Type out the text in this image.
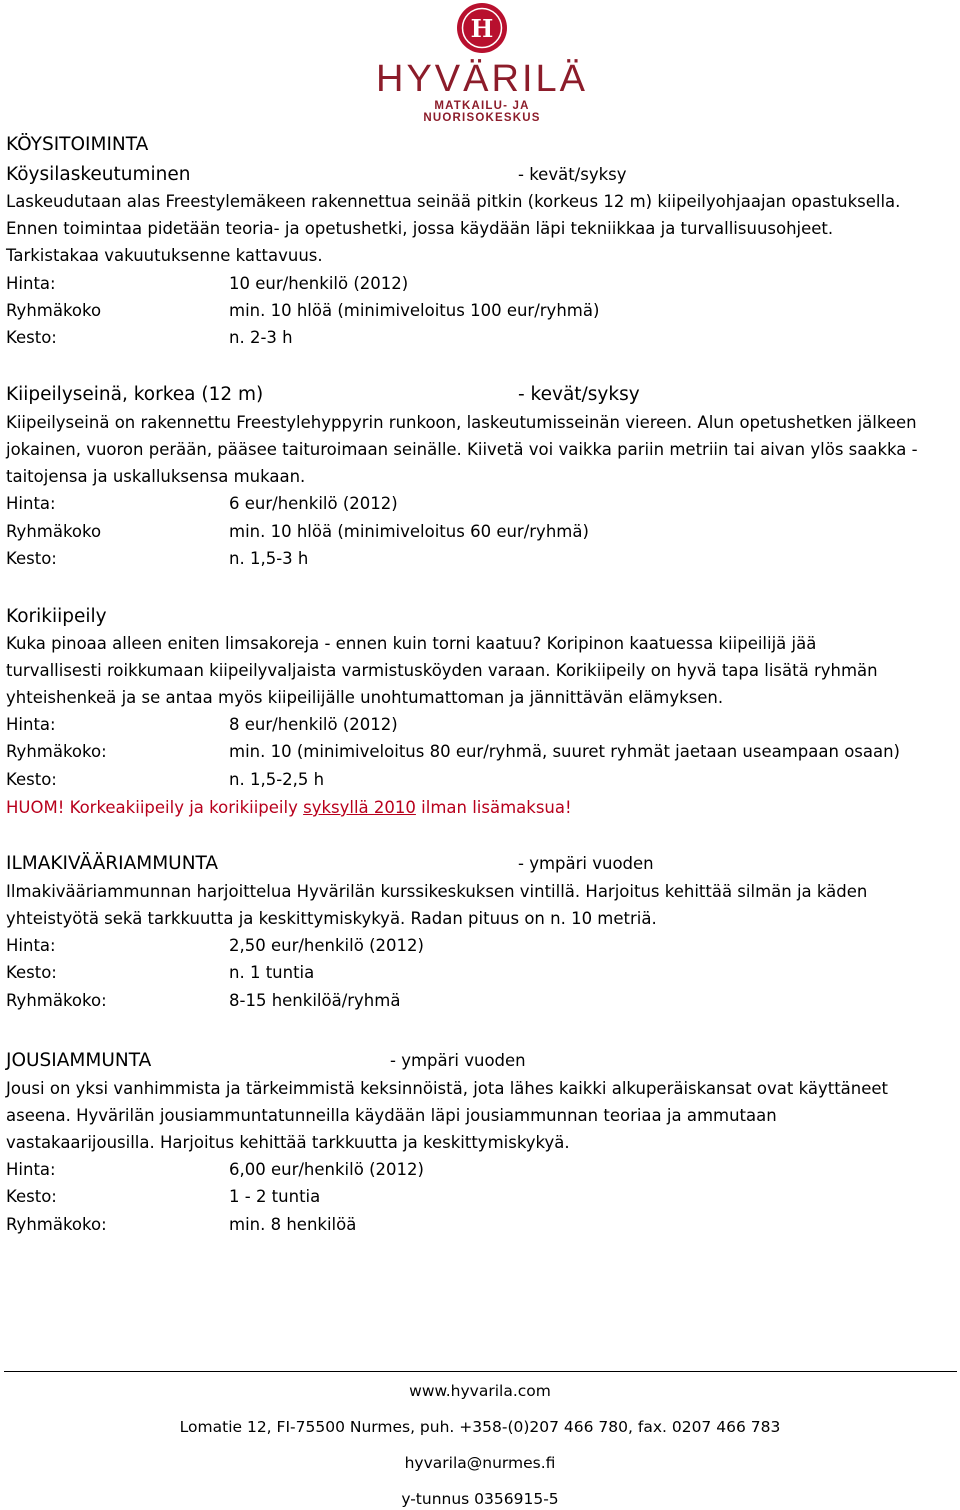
H
HYVÄRILÄ
MATKAILU- JA NUORISOKESKUS
KÖYSITOIMINTA
Köysilaskeutuminen	- kevät/syksy
Laskeudutaan alas Freestylemäkeen rakennettua seinää pitkin (korkeus 12 m) kiipeilyohjaajan opastuksella.
Ennen toimintaa pidetään teoria- ja opetushetki, jossa käydään läpi tekniikkaa ja turvallisuusohjeet.
Tarkistakaa vakuutuksenne kattavuus.
Hinta:	10 eur/henkilö (2012)
Ryhmäkoko	min. 10 hlöä (minimiveloitus 100 eur/ryhmä)
Kesto:	n. 2-3 h
Kiipeilyseinä, korkea (12 m)	- kevät/syksy
Kiipeilyseinä on rakennettu Freestylehyppyrin runkoon, laskeutumisseinän viereen. Alun opetushetken jälkeen
jokainen, vuoron perään, pääsee taituroimaan seinälle. Kiivetä voi vaikka pariin metriin tai aivan ylös saakka -
taitojensa ja uskalluksensa mukaan.
Hinta:	6 eur/henkilö (2012)
Ryhmäkoko	min. 10 hlöä (minimiveloitus 60 eur/ryhmä)
Kesto:	n. 1,5-3 h
Korikiipeily
Kuka pinoaa alleen eniten limsakoreja - ennen kuin torni kaatuu? Koripinon kaatuessa kiipeilijä jää
turvallisesti roikkumaan kiipeilyvaljaista varmistusköyden varaan. Korikiipeily on hyvä tapa lisätä ryhmän
yhteishenkeä ja se antaa myös kiipeilijälle unohtumattoman ja jännittävän elämyksen.
Hinta:	8 eur/henkilö (2012)
Ryhmäkoko:	min. 10 (minimiveloitus 80 eur/ryhmä, suuret ryhmät jaetaan useampaan osaan)
Kesto:	n. 1,5-2,5 h
HUOM! Korkeakiipeily ja korikiipeily syksyllä 2010 ilman lisämaksua!
ILMAKIVÄÄRIAMMUNTA	- ympäri vuoden
Ilmakivääriammunnan harjoittelua Hyvärilän kurssikeskuksen vintillä. Harjoitus kehittää silmän ja käden
yhteistyötä sekä tarkkuutta ja keskittymiskykyä. Radan pituus on n. 10 metriä.
Hinta:	2,50 eur/henkilö (2012)
Kesto:	n. 1 tuntia
Ryhmäkoko:	8-15 henkilöä/ryhmä
JOUSIAMMUNTA	- ympäri vuoden
Jousi on yksi vanhimmista ja tärkeimmistä keksinnöistä, jota lähes kaikki alkuperäiskansat ovat käyttäneet
aseena. Hyvärilän jousiammuntatunneilla käydään läpi jousiammunnan teoriaa ja ammutaan
vastakaarijousilla. Harjoitus kehittää tarkkuutta ja keskittymiskykyä.
Hinta:	6,00 eur/henkilö (2012)
Kesto:	1 - 2 tuntia
Ryhmäkoko:	min. 8 henkilöä
www.hyvarila.com
Lomatie 12, FI-75500 Nurmes, puh. +358-(0)207 466 780, fax. 0207 466 783
hyvarila@nurmes.fi
y-tunnus 0356915-5
